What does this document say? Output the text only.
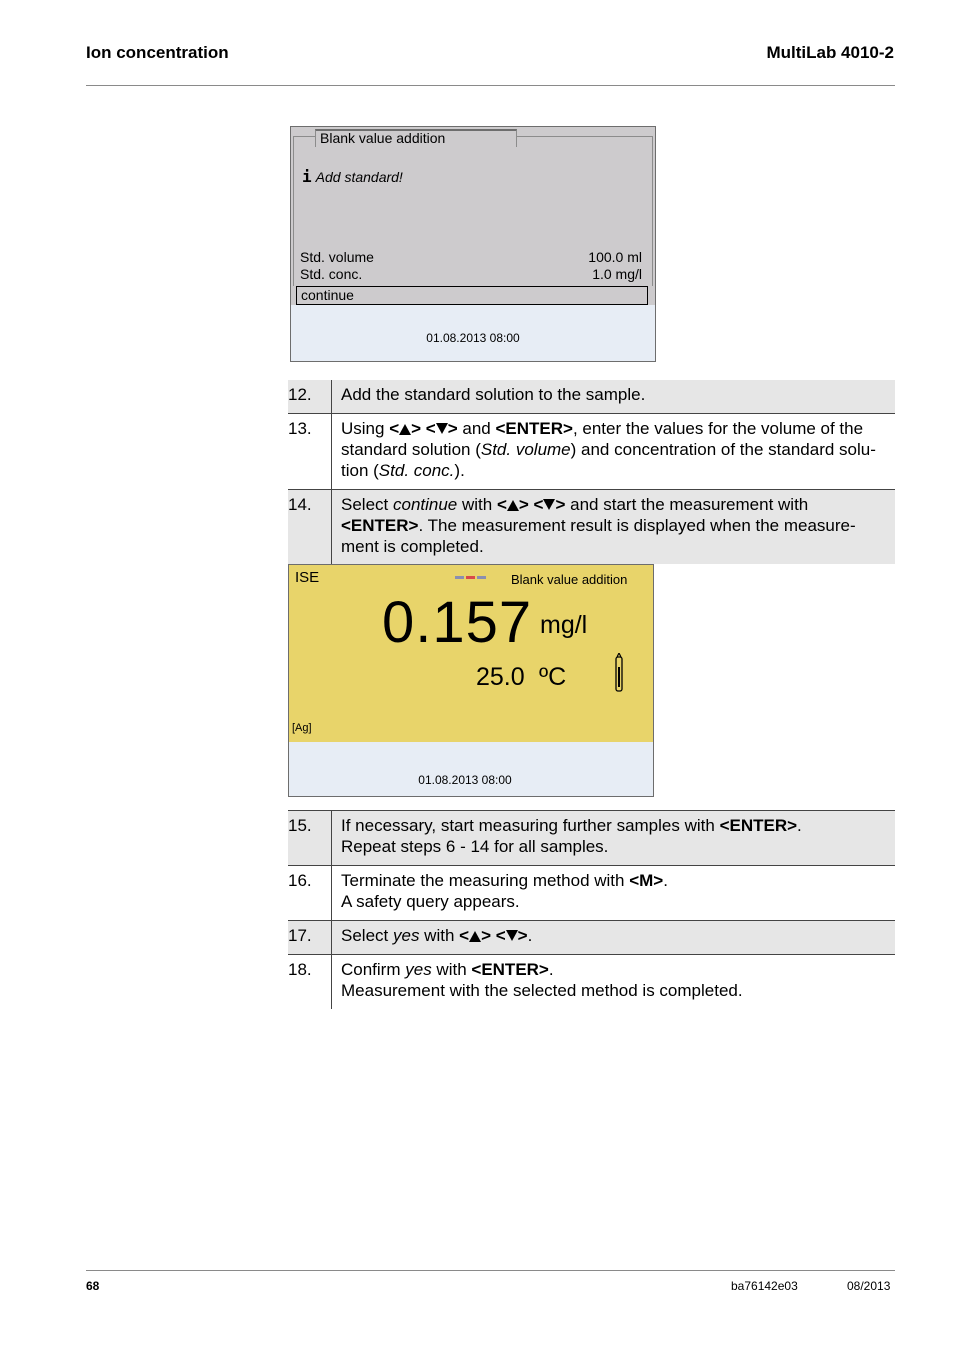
Ion concentration	MultiLab 4010-2
Blank value addition
i Add standard!
Std. volume	100.0 ml
Std. conc.	1.0 mg/l
continue
01.08.2013 08:00
12. Add the standard solution to the sample.
13. Using < > < > and <ENTER>, enter the values for the volume of the standard solution (Std. volume) and concentration of the standard solu-tion (Std. conc.).
14. Select continue with < > < > and start the measurement with <ENTER>. The measurement result is displayed when the measure-ment is completed.
ISE	Blank value addition
0.157 mg/l
25.0 ºC
[Ag]
01.08.2013 08:00
15. If necessary, start measuring further samples with <ENTER>.
Repeat steps 6 - 14 for all samples.
16. Terminate the measuring method with <M>.
A safety query appears.
17. Select yes with < > < >.
18. Confirm yes with <ENTER>.
Measurement with the selected method is completed.
68	ba76142e03	08/2013
